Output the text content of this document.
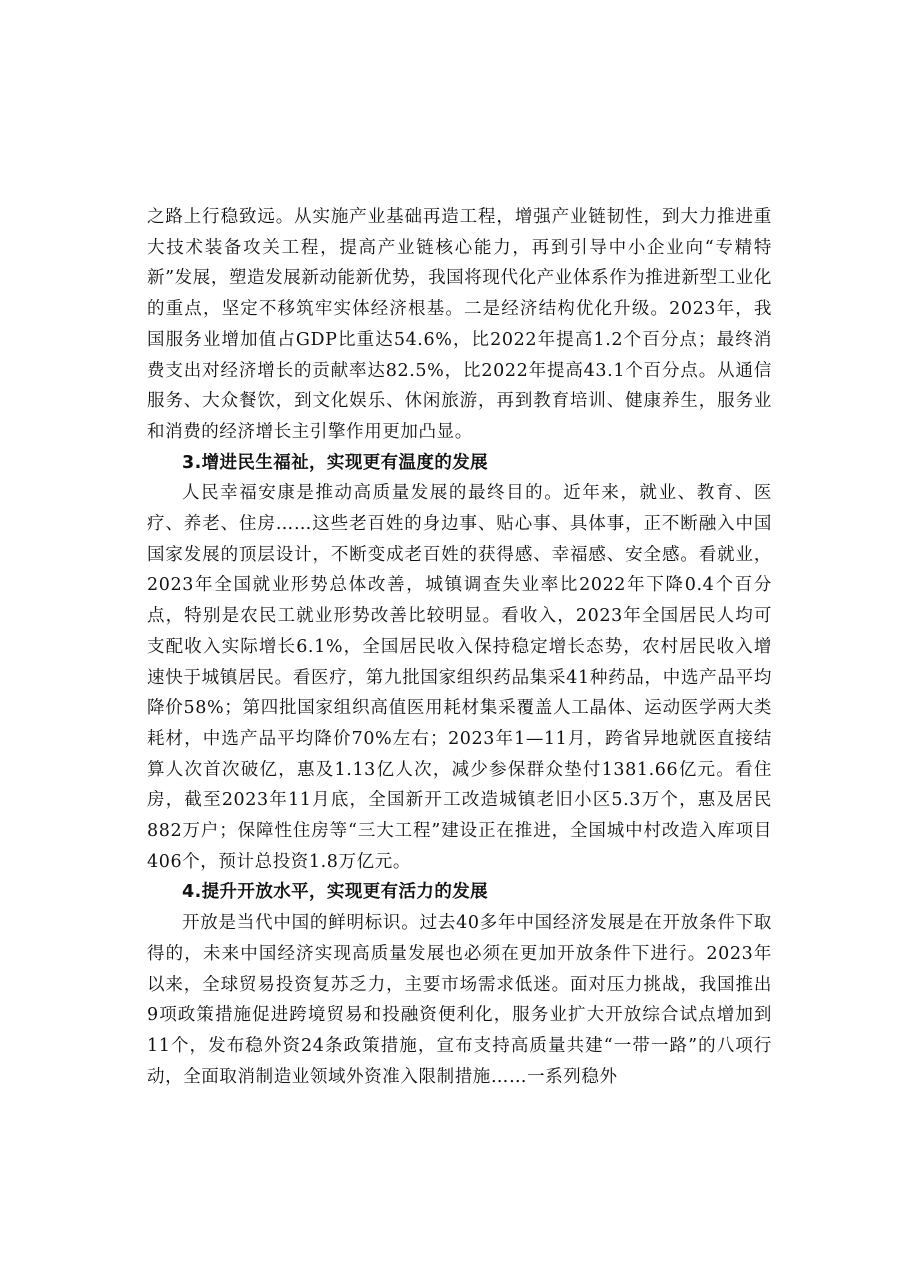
之路上行稳致远。从实施产业基础再造工程，增强产业链韧性，到大力推进重大技术装备攻关工程，提高产业链核心能力，再到引导中小企业向“专精特新”发展，塑造发展新动能新优势，我国将现代化产业体系作为推进新型工业化的重点，坚定不移筑牢实体经济根基。二是经济结构优化升级。2023年，我国服务业增加值占GDP比重达54.6%，比2022年提高1.2个百分点；最终消费支出对经济增长的贡献率达82.5%，比2022年提高43.1个百分点。从通信服务、大众餐饮，到文化娱乐、休闲旅游，再到教育培训、健康养生，服务业和消费的经济增长主引擎作用更加凸显。

3.增进民生福祉，实现更有温度的发展

人民幸福安康是推动高质量发展的最终目的。近年来，就业、教育、医疗、养老、住房……这些老百姓的身边事、贴心事、具体事，正不断融入中国国家发展的顶层设计，不断变成老百姓的获得感、幸福感、安全感。看就业，2023年全国就业形势总体改善，城镇调查失业率比2022年下降0.4个百分点，特别是农民工就业形势改善比较明显。看收入，2023年全国居民人均可支配收入实际增长6.1%，全国居民收入保持稳定增长态势，农村居民收入增速快于城镇居民。看医疗，第九批国家组织药品集采41种药品，中选产品平均降价58%；第四批国家组织高值医用耗材集采覆盖人工晶体、运动医学两大类耗材，中选产品平均降价70%左右；2023年1—11月，跨省异地就医直接结算人次首次破亿，惠及1.13亿人次，减少参保群众垫付1381.66亿元。看住房，截至2023年11月底，全国新开工改造城镇老旧小区5.3万个，惠及居民882万户；保障性住房等“三大工程”建设正在推进，全国城中村改造入库项目406个，预计总投资1.8万亿元。

4.提升开放水平，实现更有活力的发展

开放是当代中国的鲜明标识。过去40多年中国经济发展是在开放条件下取得的，未来中国经济实现高质量发展也必须在更加开放条件下进行。2023年以来，全球贸易投资复苏乏力，主要市场需求低迷。面对压力挑战，我国推出9项政策措施促进跨境贸易和投融资便利化，服务业扩大开放综合试点增加到11个，发布稳外资24条政策措施，宣布支持高质量共建“一带一路”的八项行动，全面取消制造业领域外资准入限制措施……一系列稳外
